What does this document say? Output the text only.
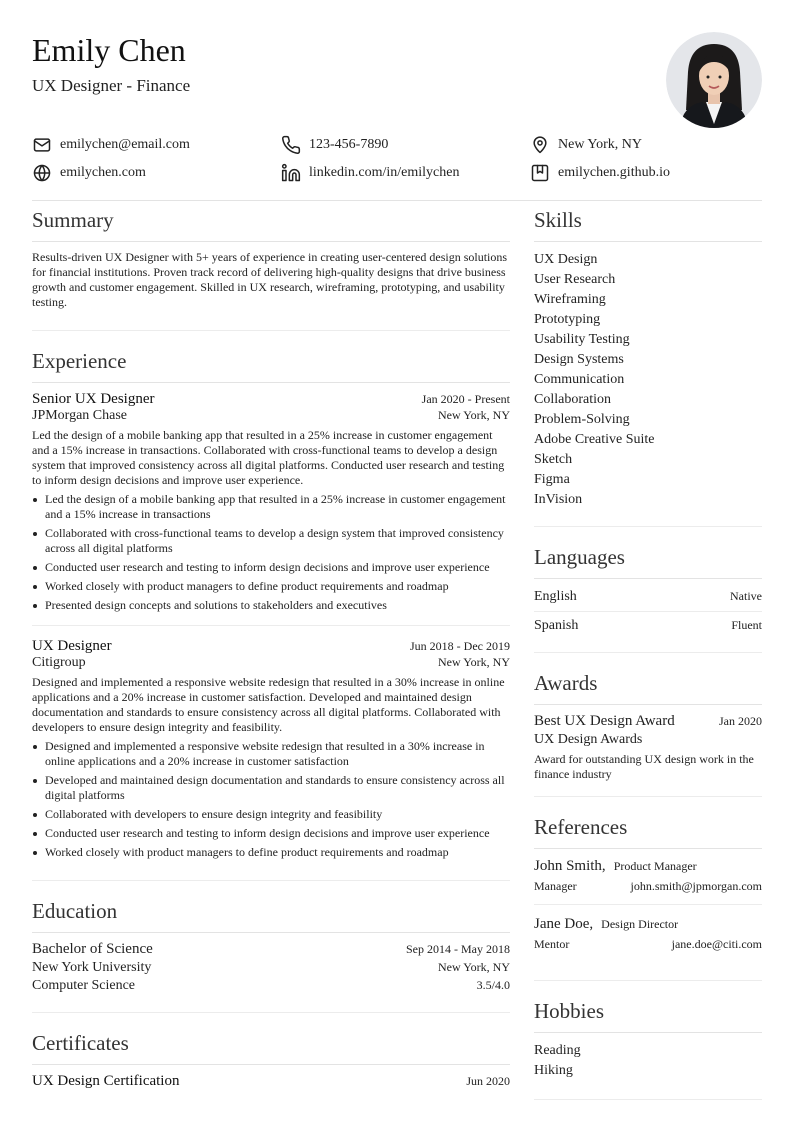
Emily Chen
UX Designer - Finance
emilychen@email.com	123-456-7890	New York, NY
emilychen.com	linkedin.com/in/emilychen	emilychen.github.io
Summary

Results-driven UX Designer with 5+ years of experience in creating user-centered design solutions for financial institutions. Proven track record of delivering high-quality designs that drive business growth and customer engagement. Skilled in UX research, wireframing, prototyping, and usability testing.

Experience
Senior UX Designer	Jan 2020 - Present
JPMorgan Chase	New York, NY

Led the design of a mobile banking app that resulted in a 25% increase in customer engagement and a 15% increase in transactions. Collaborated with cross-functional teams to develop a design system that improved consistency across all digital platforms. Conducted user research and testing to inform design decisions and improve user experience.

Led the design of a mobile banking app that resulted in a 25% increase in customer engagement and a 15% increase in transactions
Collaborated with cross-functional teams to develop a design system that improved consistency across all digital platforms
Conducted user research and testing to inform design decisions and improve user experience
Worked closely with product managers to define product requirements and roadmap
Presented design concepts and solutions to stakeholders and executives
UX Designer	Jun 2018 - Dec 2019
Citigroup	New York, NY

Designed and implemented a responsive website redesign that resulted in a 30% increase in online applications and a 20% increase in customer satisfaction. Developed and maintained design documentation and standards to ensure consistency across all digital platforms. Collaborated with developers to ensure design integrity and feasibility.

Designed and implemented a responsive website redesign that resulted in a 30% increase in online applications and a 20% increase in customer satisfaction
Developed and maintained design documentation and standards to ensure consistency across all digital platforms
Collaborated with developers to ensure design integrity and feasibility
Conducted user research and testing to inform design decisions and improve user experience
Worked closely with product managers to define product requirements and roadmap
Education
Bachelor of Science	Sep 2014 - May 2018
New York University	New York, NY
Computer Science	3.5/4.0
Certificates
UX Design Certification	Jun 2020
Skills
UX Design
User Research
Wireframing
Prototyping
Usability Testing
Design Systems
Communication
Collaboration
Problem-Solving
Adobe Creative Suite
Sketch
Figma
InVision
Languages
English	Native
Spanish	Fluent
Awards
Best UX Design Award	Jan 2020
UX Design Awards

Award for outstanding UX design work in the finance industry

References
John Smith, Product Manager
Manager	john.smith@jpmorgan.com
Jane Doe, Design Director
Mentor	jane.doe@citi.com
Hobbies
Reading
Hiking
